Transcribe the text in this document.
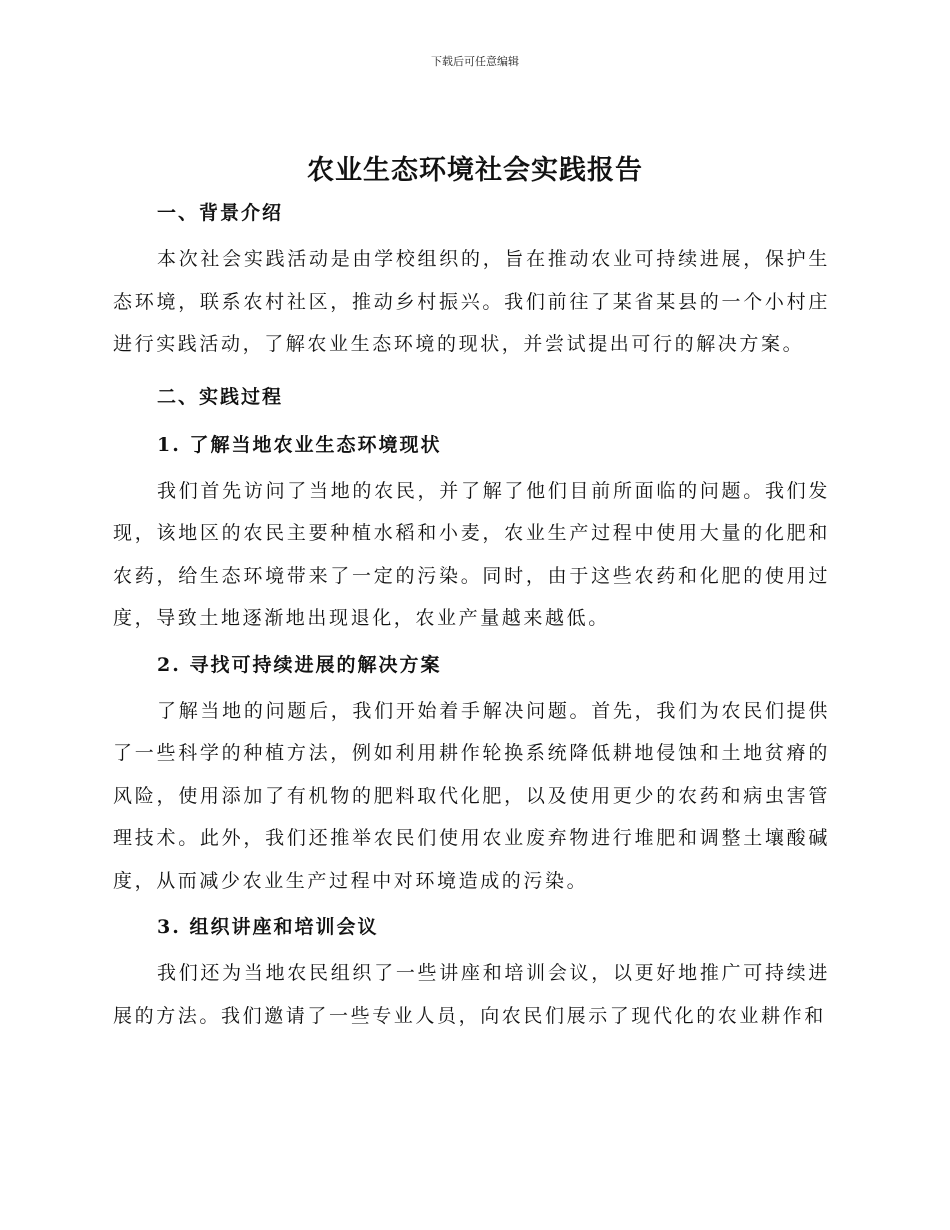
下载后可任意编辑
农业生态环境社会实践报告

一、背景介绍

本次社会实践活动是由学校组织的，旨在推动农业可持续进展，保护生态环境，联系农村社区，推动乡村振兴。我们前往了某省某县的一个小村庄进行实践活动，了解农业生态环境的现状，并尝试提出可行的解决方案。

二、实践过程

1. 了解当地农业生态环境现状

我们首先访问了当地的农民，并了解了他们目前所面临的问题。我们发现，该地区的农民主要种植水稻和小麦，农业生产过程中使用大量的化肥和农药，给生态环境带来了一定的污染。同时，由于这些农药和化肥的使用过度，导致土地逐渐地出现退化，农业产量越来越低。

2. 寻找可持续进展的解决方案

了解当地的问题后，我们开始着手解决问题。首先，我们为农民们提供了一些科学的种植方法，例如利用耕作轮换系统降低耕地侵蚀和土地贫瘠的风险，使用添加了有机物的肥料取代化肥，以及使用更少的农药和病虫害管理技术。此外，我们还推举农民们使用农业废弃物进行堆肥和调整土壤酸碱度，从而减少农业生产过程中对环境造成的污染。

3. 组织讲座和培训会议

我们还为当地农民组织了一些讲座和培训会议，以更好地推广可持续进展的方法。我们邀请了一些专业人员，向农民们展示了现代化的农业耕作和
